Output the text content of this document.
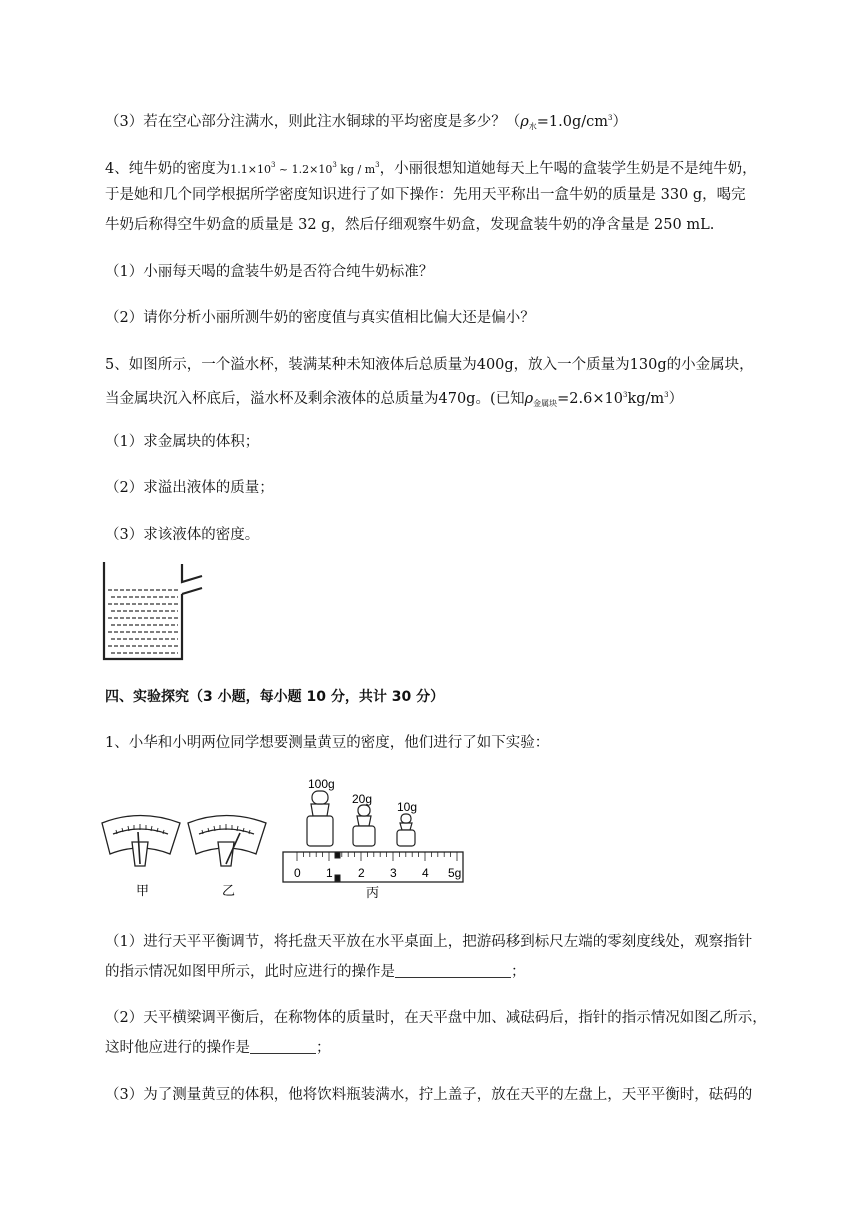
（3）若在空心部分注满水，则此注水铜球的平均密度是多少？$(\rho_水=1.0g/cm^3)$
4、纯牛奶的密度为$1.1\times 10^3$ ~ $1.2\times 10^3$ kg / $m^3$，小丽很想知道她每天上午喝的盒装学生奶是不是纯牛奶，
于是她和几个同学根据所学密度知识进行了如下操作：先用天平称出一盒牛奶的质量是 330 g，喝完
牛奶后称得空牛奶盒的质量是 32 g，然后仔细观察牛奶盒，发现盒装牛奶的净含量是 250 mL.
（1）小丽每天喝的盒装牛奶是否符合纯牛奶标准？
（2）请你分析小丽所测牛奶的密度值与真实值相比偏大还是偏小？
5、如图所示，一个溢水杯，装满某种未知液体后总质量为400g，放入一个质量为130g的小金属块，
当金属块沉入杯底后，溢水杯及剩余液体的总质量为470g。(已知$\rho_{金属块}=2.6\times 10^3kg/m^3$）
（1）求金属块的体积；
（2）求溢出液体的质量；
（3）求该液体的密度。
四、实验探究（3 小题，每小题 10 分，共计 30 分）
1、小华和小明两位同学想要测量黄豆的密度，他们进行了如下实验：
甲	乙
100g
20g
10g
0 1 2 3 4 5g
丙
（1）进行天平平衡调节，将托盘天平放在水平桌面上，把游码移到标尺左端的零刻度线处，观察指针
的指示情况如图甲所示，此时应进行的操作是	；
（2）天平横梁调平衡后，在称物体的质量时，在天平盘中加、减砝码后，指针的指示情况如图乙所示，
这时他应进行的操作是	；
（3）为了测量黄豆的体积，他将饮料瓶装满水，拧上盖子，放在天平的左盘上，天平平衡时，砝码的
